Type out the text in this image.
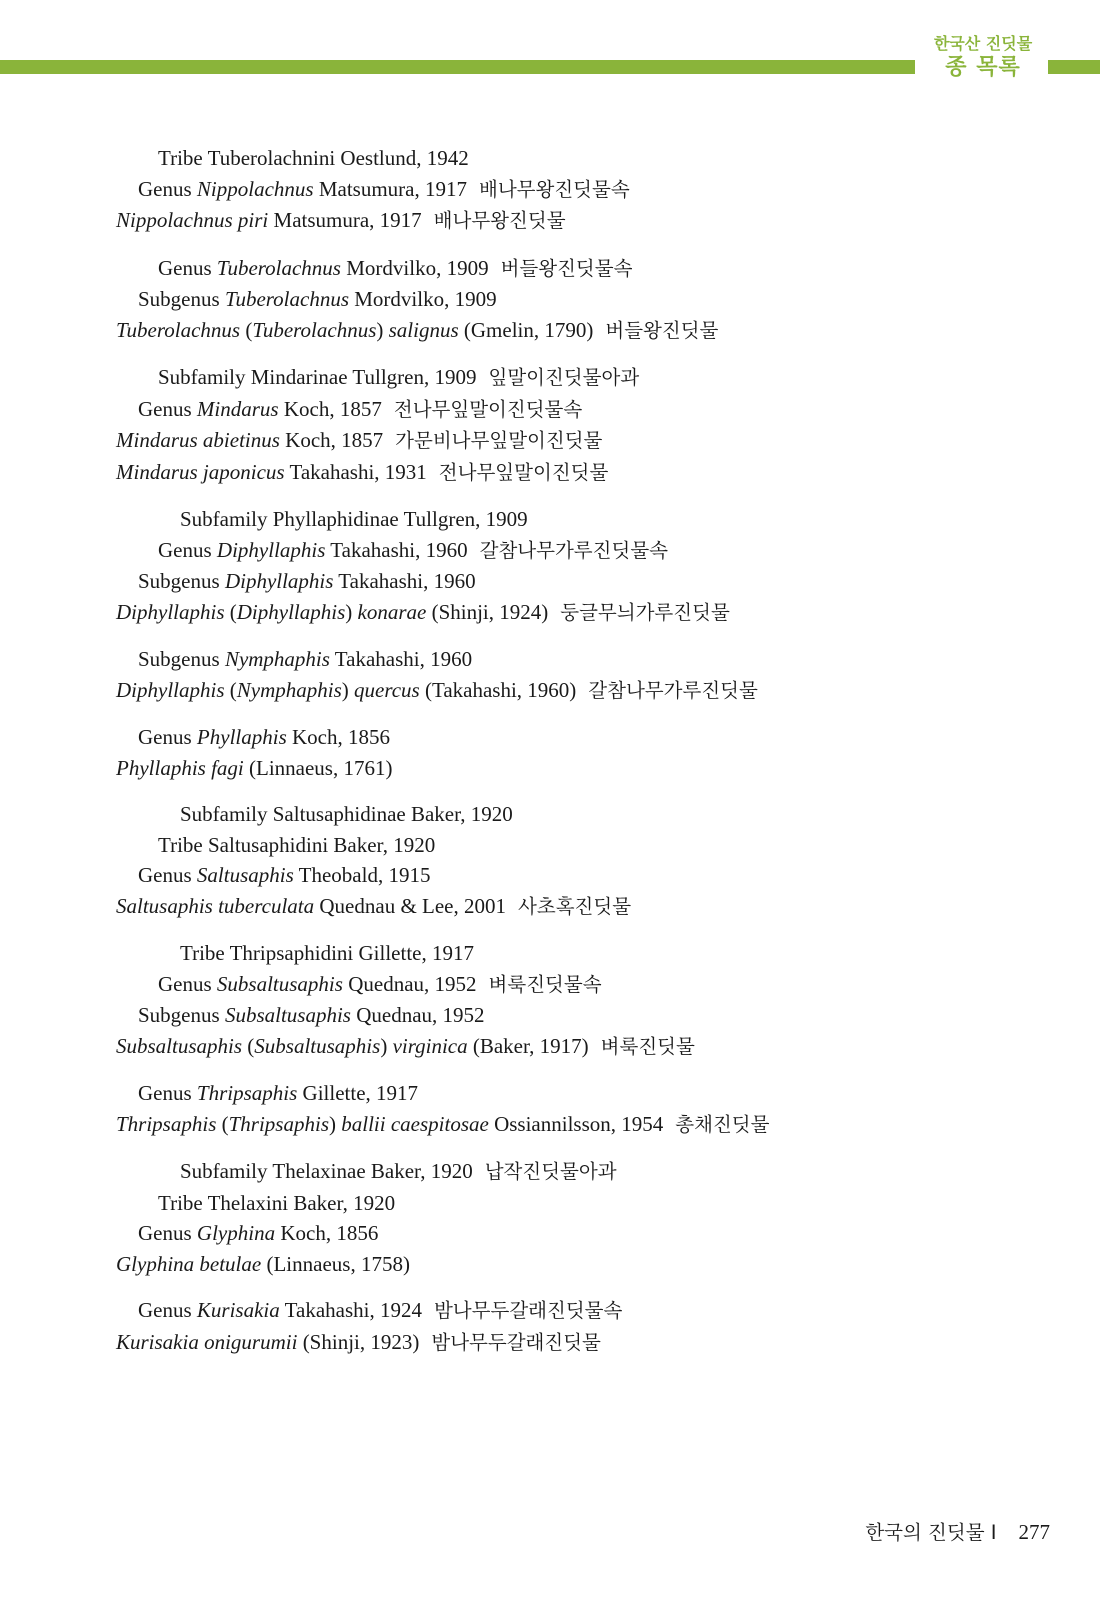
한국산 진딧물
종 목록
Tribe Tuberolachnini Oestlund, 1942
Genus Nippolachnus Matsumura, 1917 배나무왕진딧물속
Nippolachnus piri Matsumura, 1917 배나무왕진딧물
Genus Tuberolachnus Mordvilko, 1909 버들왕진딧물속
Subgenus Tuberolachnus Mordvilko, 1909
Tuberolachnus (Tuberolachnus) salignus (Gmelin, 1790) 버들왕진딧물
Subfamily Mindarinae Tullgren, 1909 잎말이진딧물아과
Genus Mindarus Koch, 1857 전나무잎말이진딧물속
Mindarus abietinus Koch, 1857 가문비나무잎말이진딧물
Mindarus japonicus Takahashi, 1931 전나무잎말이진딧물
Subfamily Phyllaphidinae Tullgren, 1909
Genus Diphyllaphis Takahashi, 1960 갈참나무가루진딧물속
Subgenus Diphyllaphis Takahashi, 1960
Diphyllaphis (Diphyllaphis) konarae (Shinji, 1924) 둥글무늬가루진딧물
Subgenus Nymphaphis Takahashi, 1960
Diphyllaphis (Nymphaphis) quercus (Takahashi, 1960) 갈참나무가루진딧물
Genus Phyllaphis Koch, 1856
Phyllaphis fagi (Linnaeus, 1761)
Subfamily Saltusaphidinae Baker, 1920
Tribe Saltusaphidini Baker, 1920
Genus Saltusaphis Theobald, 1915
Saltusaphis tuberculata Quednau & Lee, 2001 사초혹진딧물
Tribe Thripsaphidini Gillette, 1917
Genus Subsaltusaphis Quednau, 1952 벼룩진딧물속
Subgenus Subsaltusaphis Quednau, 1952
Subsaltusaphis (Subsaltusaphis) virginica (Baker, 1917) 벼룩진딧물
Genus Thripsaphis Gillette, 1917
Thripsaphis (Thripsaphis) ballii caespitosae Ossiannilsson, 1954 총채진딧물
Subfamily Thelaxinae Baker, 1920 납작진딧물아과
Tribe Thelaxini Baker, 1920
Genus Glyphina Koch, 1856
Glyphina betulae (Linnaeus, 1758)
Genus Kurisakia Takahashi, 1924 밤나무두갈래진딧물속
Kurisakia onigurumii (Shinji, 1923) 밤나무두갈래진딧물
한국의 진딧물 I 277
